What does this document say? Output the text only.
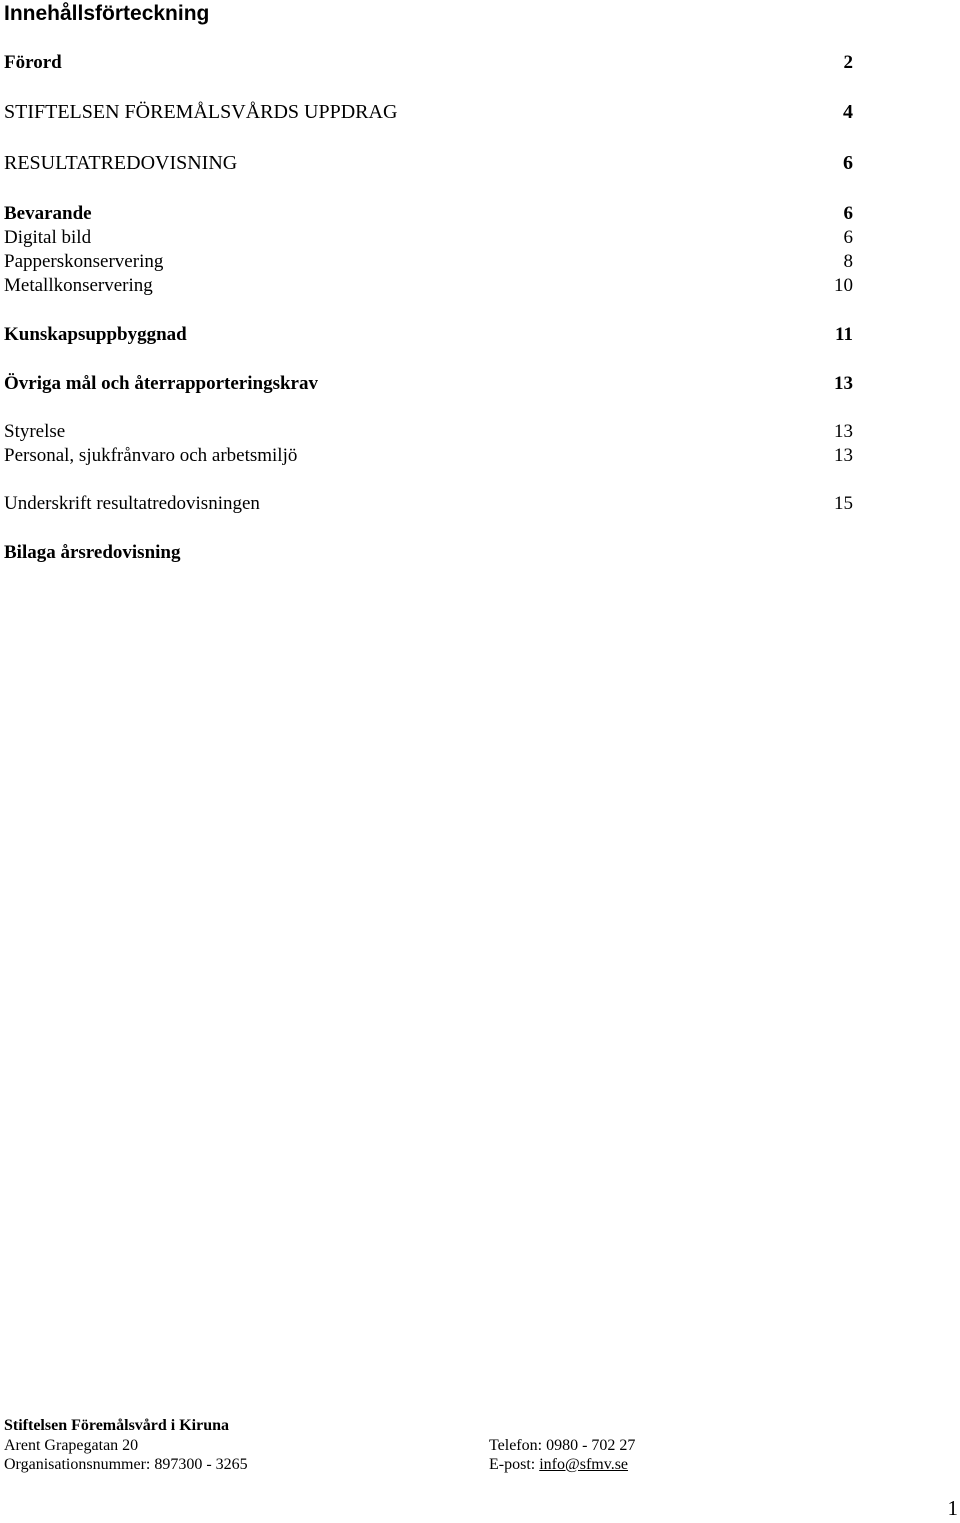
Innehållsförteckning
Förord	2
STIFTELSEN FÖREMÅLSVÅRDS UPPDRAG	4
RESULTATREDOVISNING	6
Bevarande	6
Digital bild	6
Papperskonservering	8
Metallkonservering	10
Kunskapsuppbyggnad	11
Övriga mål och återrapporteringskrav	13
Styrelse	13
Personal, sjukfrånvaro och arbetsmiljö	13
Underskrift resultatredovisningen	15
Bilaga årsredovisning
Stiftelsen Föremålsvård i Kiruna
Arent Grapegatan 20
Organisationsnummer: 897300 - 3265
Telefon: 0980 - 702 27
E-post: info@sfmv.se
1
